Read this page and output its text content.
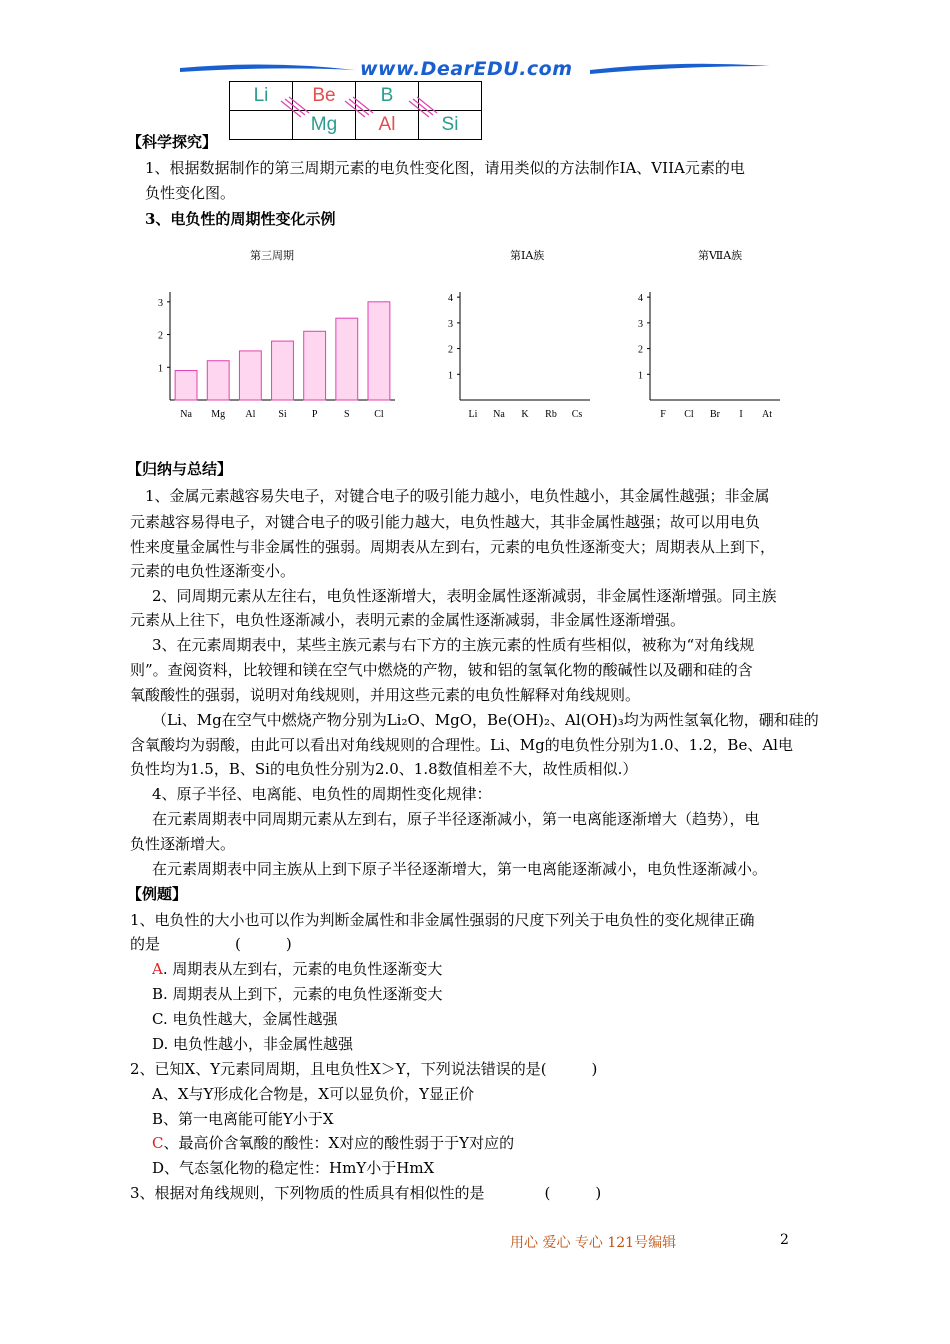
www.DearEDU.com
Li	Be	B	
	Mg	Al	Si
【科学探究】
1、根据数据制作的第三周期元素的电负性变化图，请用类似的方法制作IA、VIIA元素的电
负性变化图。
3、电负性的周期性变化示例
第三周期
1
2
3
Na Mg Al Si	P	S Cl
第ⅠA族
1
2
3
4
Li Na K Rb Cs
第ⅦA族
1
2
3
4
F Cl Br I At
【归纳与总结】
1、金属元素越容易失电子，对键合电子的吸引能力越小，电负性越小，其金属性越强；非金属
元素越容易得电子，对键合电子的吸引能力越大，电负性越大，其非金属性越强；故可以用电负
性来度量金属性与非金属性的强弱。周期表从左到右，元素的电负性逐渐变大；周期表从上到下，
元素的电负性逐渐变小。
2、同周期元素从左往右，电负性逐渐增大，表明金属性逐渐减弱，非金属性逐渐增强。同主族
元素从上往下，电负性逐渐减小，表明元素的金属性逐渐减弱，非金属性逐渐增强。
3、在元素周期表中，某些主族元素与右下方的主族元素的性质有些相似，被称为“对角线规
则”。查阅资料，比较锂和镁在空气中燃烧的产物，铍和铝的氢氧化物的酸碱性以及硼和硅的含
氧酸酸性的强弱，说明对角线规则，并用这些元素的电负性解释对角线规则。
（Li、Mg在空气中燃烧产物分别为Li₂O、MgO，Be(OH)₂、Al(OH)₃均为两性氢氧化物，硼和硅的
含氧酸均为弱酸，由此可以看出对角线规则的合理性。Li、Mg的电负性分别为1.0、1.2，Be、Al电
负性均为1.5，B、Si的电负性分别为2.0、1.8数值相差不大，故性质相似.）
4、原子半径、电离能、电负性的周期性变化规律：
在元素周期表中同周期元素从左到右，原子半径逐渐减小，第一电离能逐渐增大（趋势），电
负性逐渐增大。
在元素周期表中同主族从上到下原子半径逐渐增大，第一电离能逐渐减小，电负性逐渐减小。
【例题】
1、电负性的大小也可以作为判断金属性和非金属性强弱的尺度下列关于电负性的变化规律正确
的是　　　　　(　　　)
A. 周期表从左到右，元素的电负性逐渐变大
B. 周期表从上到下，元素的电负性逐渐变大
C. 电负性越大，金属性越强
D. 电负性越小，非金属性越强
2、已知X、Y元素同周期，且电负性X＞Y，下列说法错误的是(　　　)
A、X与Y形成化合物是，X可以显负价，Y显正价
B、第一电离能可能Y小于X
C、最高价含氧酸的酸性：X对应的酸性弱于于Y对应的
D、气态氢化物的稳定性：HmY小于HmX
3、根据对角线规则，下列物质的性质具有相似性的是　　　　(　　　)
用心 爱心 专心 121号编辑	2
